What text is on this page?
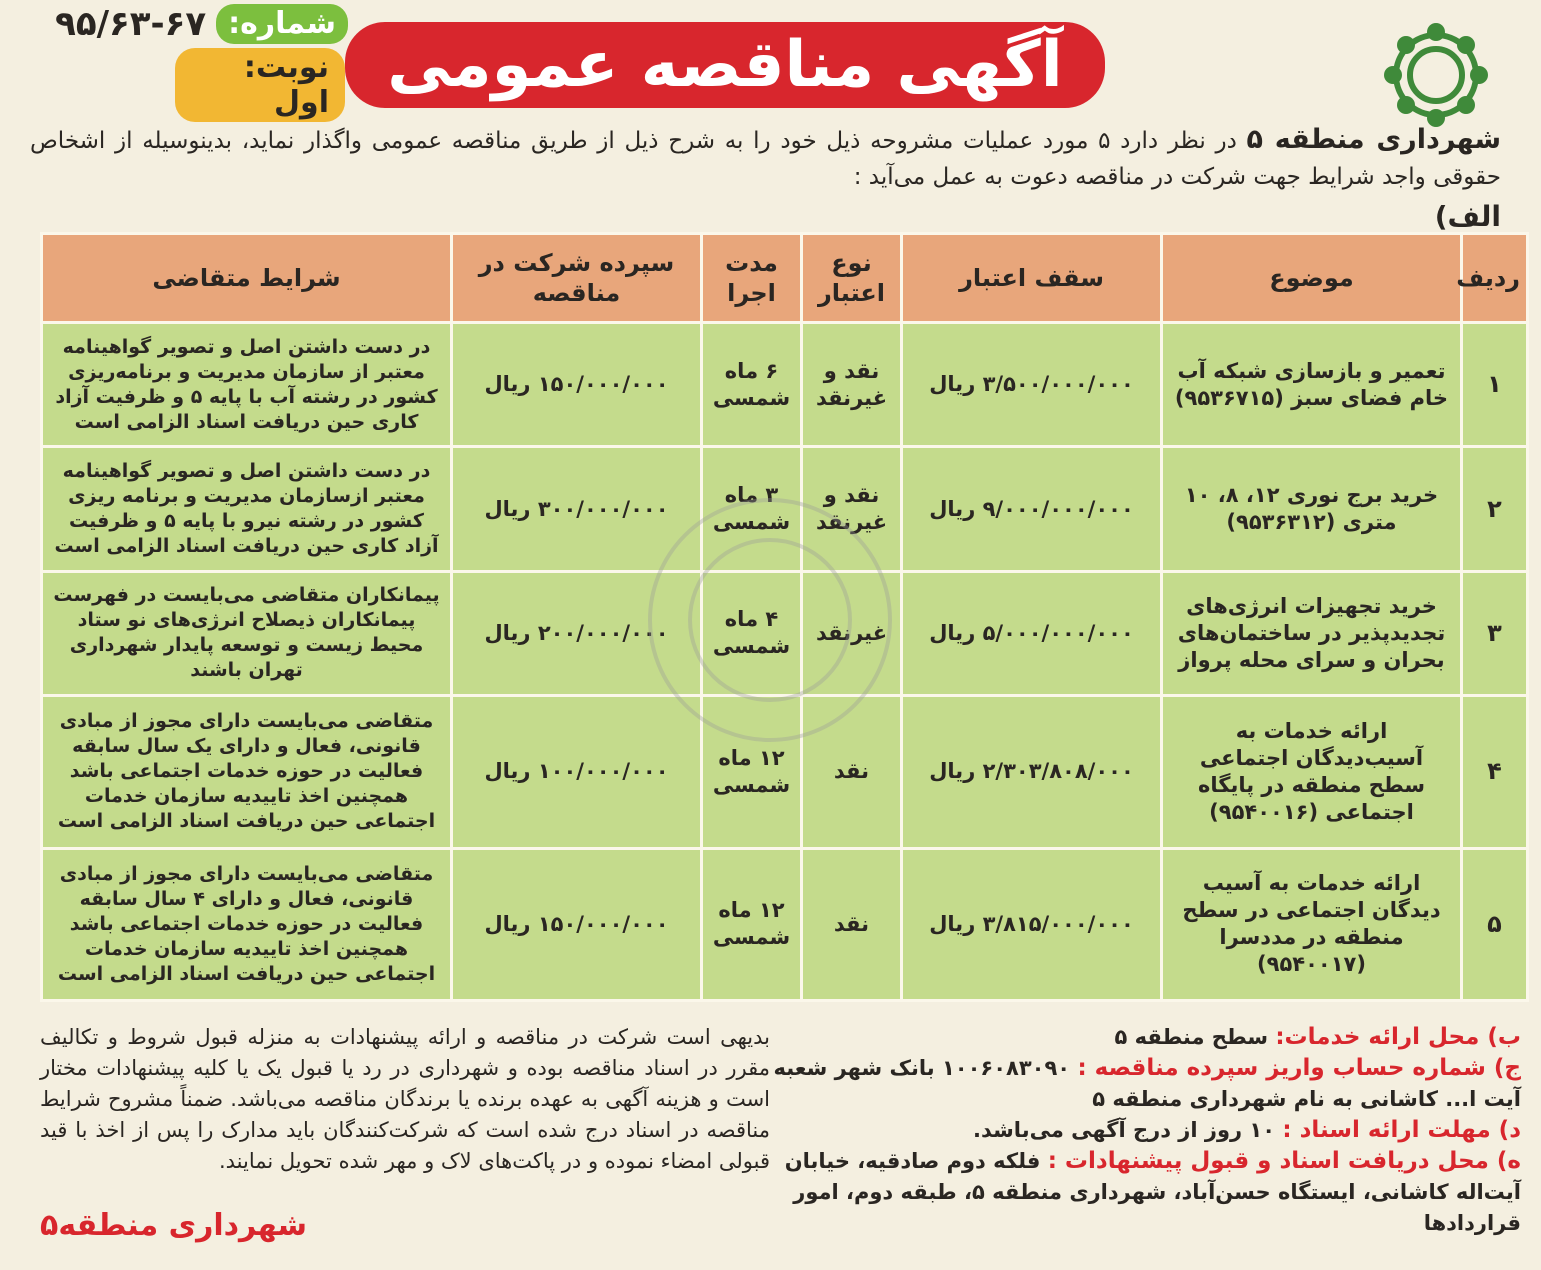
شماره:
۹۵/۶۳-۶۷
نوبت: اول
آگهی مناقصه عمومی
شهرداری منطقه ۵ در نظر دارد ۵ مورد عملیات مشروحه ذیل خود را به شرح ذیل از طریق مناقصه عمومی واگذار نماید، بدینوسیله از اشخاص حقوقی واجد شرایط جهت شرکت در مناقصه دعوت به عمل می‌آید :
الف)
ردیف	موضوع	سقف اعتبار	نوع اعتبار	مدت اجرا	سپرده شرکت در مناقصه	شرایط متقاضی
۱	تعمیر و بازسازی شبکه آب خام فضای سبز (۹۵۳۶۷۱۵)	۳/۵۰۰/۰۰۰/۰۰۰ ریال	نقد و غیرنقد	۶ ماه شمسی	۱۵۰/۰۰۰/۰۰۰ ریال	در دست داشتن اصل و تصویر گواهینامه معتبر از سازمان مدیریت و برنامه‌ریزی کشور در رشته آب با پایه ۵ و ظرفیت آزاد کاری حین دریافت اسناد الزامی است
۲	خرید برج نوری ۱۲، ۸، ۱۰ متری (۹۵۳۶۳۱۲)	۹/۰۰۰/۰۰۰/۰۰۰ ریال	نقد و غیرنقد	۳ ماه شمسی	۳۰۰/۰۰۰/۰۰۰ ریال	در دست داشتن اصل و تصویر گواهینامه معتبر ازسازمان مدیریت و برنامه ریزی کشور در رشته نیرو با پایه ۵ و ظرفیت آزاد کاری حین دریافت اسناد الزامی است
۳	خرید تجهیزات انرژی‌های تجدیدپذیر در ساختمان‌های بحران و سرای محله پرواز	۵/۰۰۰/۰۰۰/۰۰۰ ریال	غیرنقد	۴ ماه شمسی	۲۰۰/۰۰۰/۰۰۰ ریال	پیمانکاران متقاضی می‌بایست در فهرست پیمانکاران ذیصلاح انرژی‌های نو ستاد محیط زیست و توسعه پایدار شهرداری تهران باشند
۴	ارائه خدمات به آسیب‌دیدگان اجتماعی سطح منطقه در پایگاه اجتماعی (۹۵۴۰۰۱۶)	۲/۳۰۳/۸۰۸/۰۰۰ ریال	نقد	۱۲ ماه شمسی	۱۰۰/۰۰۰/۰۰۰ ریال	متقاضی می‌بایست دارای مجوز از مبادی قانونی، فعال و دارای یک سال سابقه فعالیت در حوزه خدمات اجتماعی باشد همچنین اخذ تاییدیه سازمان خدمات اجتماعی حین دریافت اسناد الزامی است
۵	ارائه خدمات به آسیب دیدگان اجتماعی در سطح منطقه در مددسرا (۹۵۴۰۰۱۷)	۳/۸۱۵/۰۰۰/۰۰۰ ریال	نقد	۱۲ ماه شمسی	۱۵۰/۰۰۰/۰۰۰ ریال	متقاضی می‌بایست دارای مجوز از مبادی قانونی، فعال و دارای ۴ سال سابقه فعالیت در حوزه خدمات اجتماعی باشد همچنین اخذ تاییدیه سازمان خدمات اجتماعی حین دریافت اسناد الزامی است
ب) محل ارائه خدمات: سطح منطقه ۵
ج) شماره حساب واریز سپرده مناقصه : ۱۰۰۶۰۸۳۰۹۰ بانک شهر شعبه آیت ا... کاشانی به نام شهرداری منطقه ۵
د) مهلت ارائه اسناد : ۱۰ روز از درج آگهی می‌باشد.
ه) محل دریافت اسناد و قبول پیشنهادات : فلکه دوم صادقیه، خیابان آیت‌اله کاشانی، ایستگاه حسن‌آباد، شهرداری منطقه ۵، طبقه دوم، امور قراردادها
بدیهی است شرکت در مناقصه و ارائه پیشنهادات به منزله قبول شروط و تکالیف مقرر در اسناد مناقصه بوده و شهرداری در رد یا قبول یک یا کلیه پیشنهادات مختار است و هزینه آگهی به عهده برنده یا برندگان مناقصه می‌باشد. ضمناً مشروح شرایط مناقصه در اسناد درج شده است که شرکت‌کنندگان باید مدارک را پس از اخذ با قید قبولی امضاء نموده و در پاکت‌های لاک و مهر شده تحویل نمایند.
شهرداری منطقه۵
